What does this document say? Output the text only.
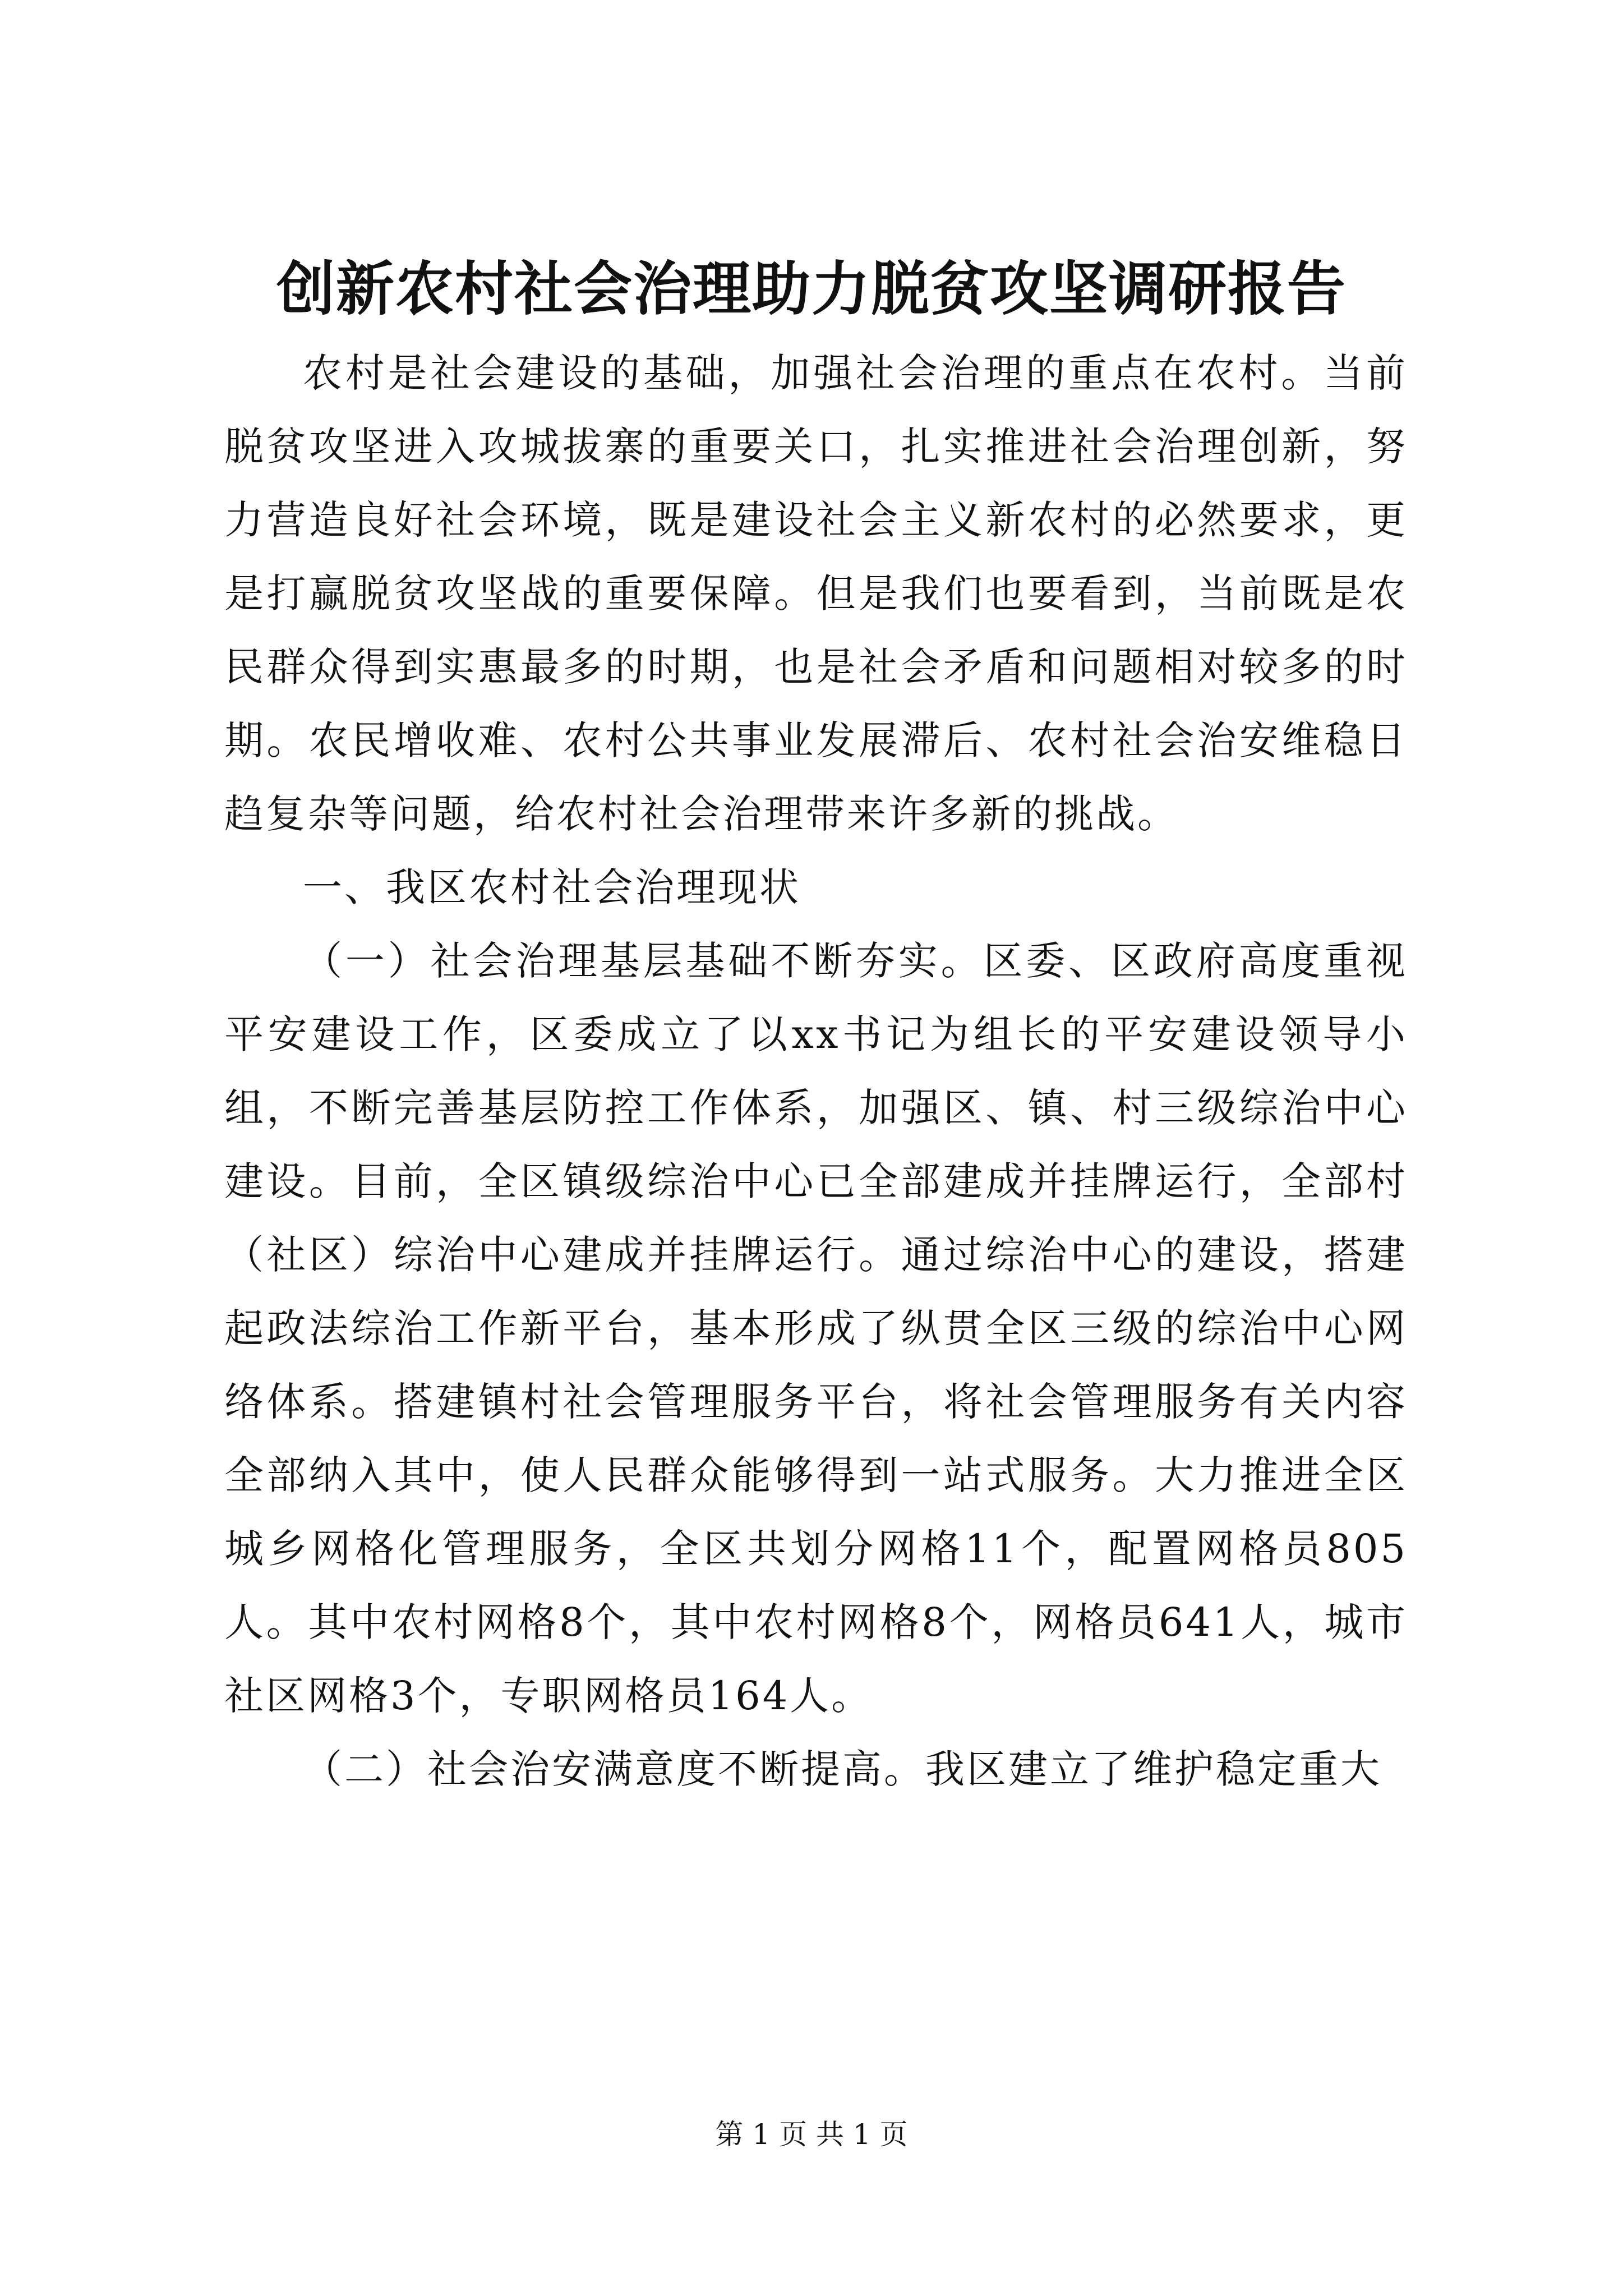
创新农村社会治理助力脱贫攻坚调研报告

农村是社会建设的基础，加强社会治理的重点在农村。当前脱贫攻坚进入攻城拔寨的重要关口，扎实推进社会治理创新，努力营造良好社会环境，既是建设社会主义新农村的必然要求，更是打赢脱贫攻坚战的重要保障。但是我们也要看到，当前既是农民群众得到实惠最多的时期，也是社会矛盾和问题相对较多的时期。农民增收难、农村公共事业发展滞后、农村社会治安维稳日趋复杂等问题，给农村社会治理带来许多新的挑战。

一、我区农村社会治理现状

（一）社会治理基层基础不断夯实。区委、区政府高度重视平安建设工作，区委成立了以xx书记为组长的平安建设领导小组，不断完善基层防控工作体系，加强区、镇、村三级综治中心建设。目前，全区镇级综治中心已全部建成并挂牌运行，全部村（社区）综治中心建成并挂牌运行。通过综治中心的建设，搭建起政法综治工作新平台，基本形成了纵贯全区三级的综治中心网络体系。搭建镇村社会管理服务平台，将社会管理服务有关内容全部纳入其中，使人民群众能够得到一站式服务。大力推进全区城乡网格化管理服务，全区共划分网格11个，配置网格员805人。其中农村网格8个，其中农村网格8个，网格员641人，城市社区网格3个，专职网格员164人。

（二）社会治安满意度不断提高。我区建立了维护稳定重大

第 1 页 共 1 页
